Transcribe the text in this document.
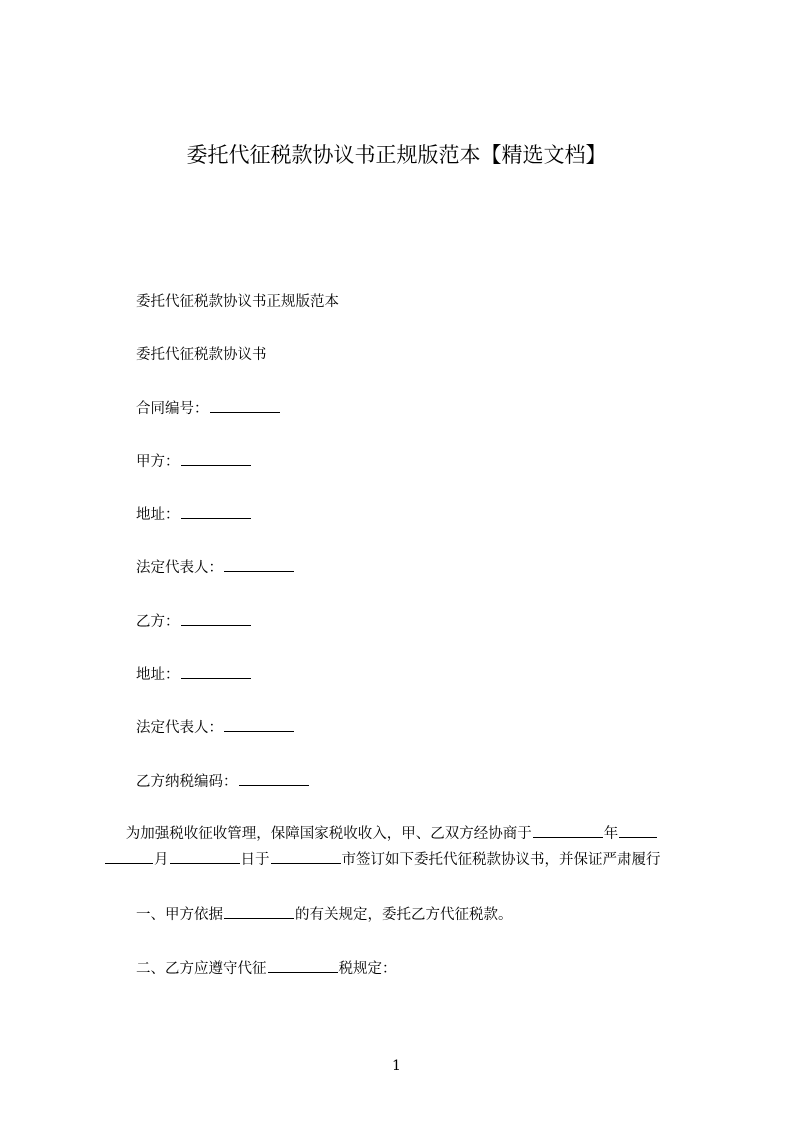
委托代征税款协议书正规版范本【精选文档】
委托代征税款协议书正规版范本
委托代征税款协议书
合同编号：
甲方：
地址：
法定代表人：
乙方：
地址：
法定代表人：
乙方纳税编码：
  为加强税收征收管理，保障国家税收收入，甲、乙双方经协商于	年
月	日于	市签订如下委托代征税款协议书，并保证严肃履行
一、甲方依据	的有关规定，委托乙方代征税款。
二、乙方应遵守代征	税规定：
1
